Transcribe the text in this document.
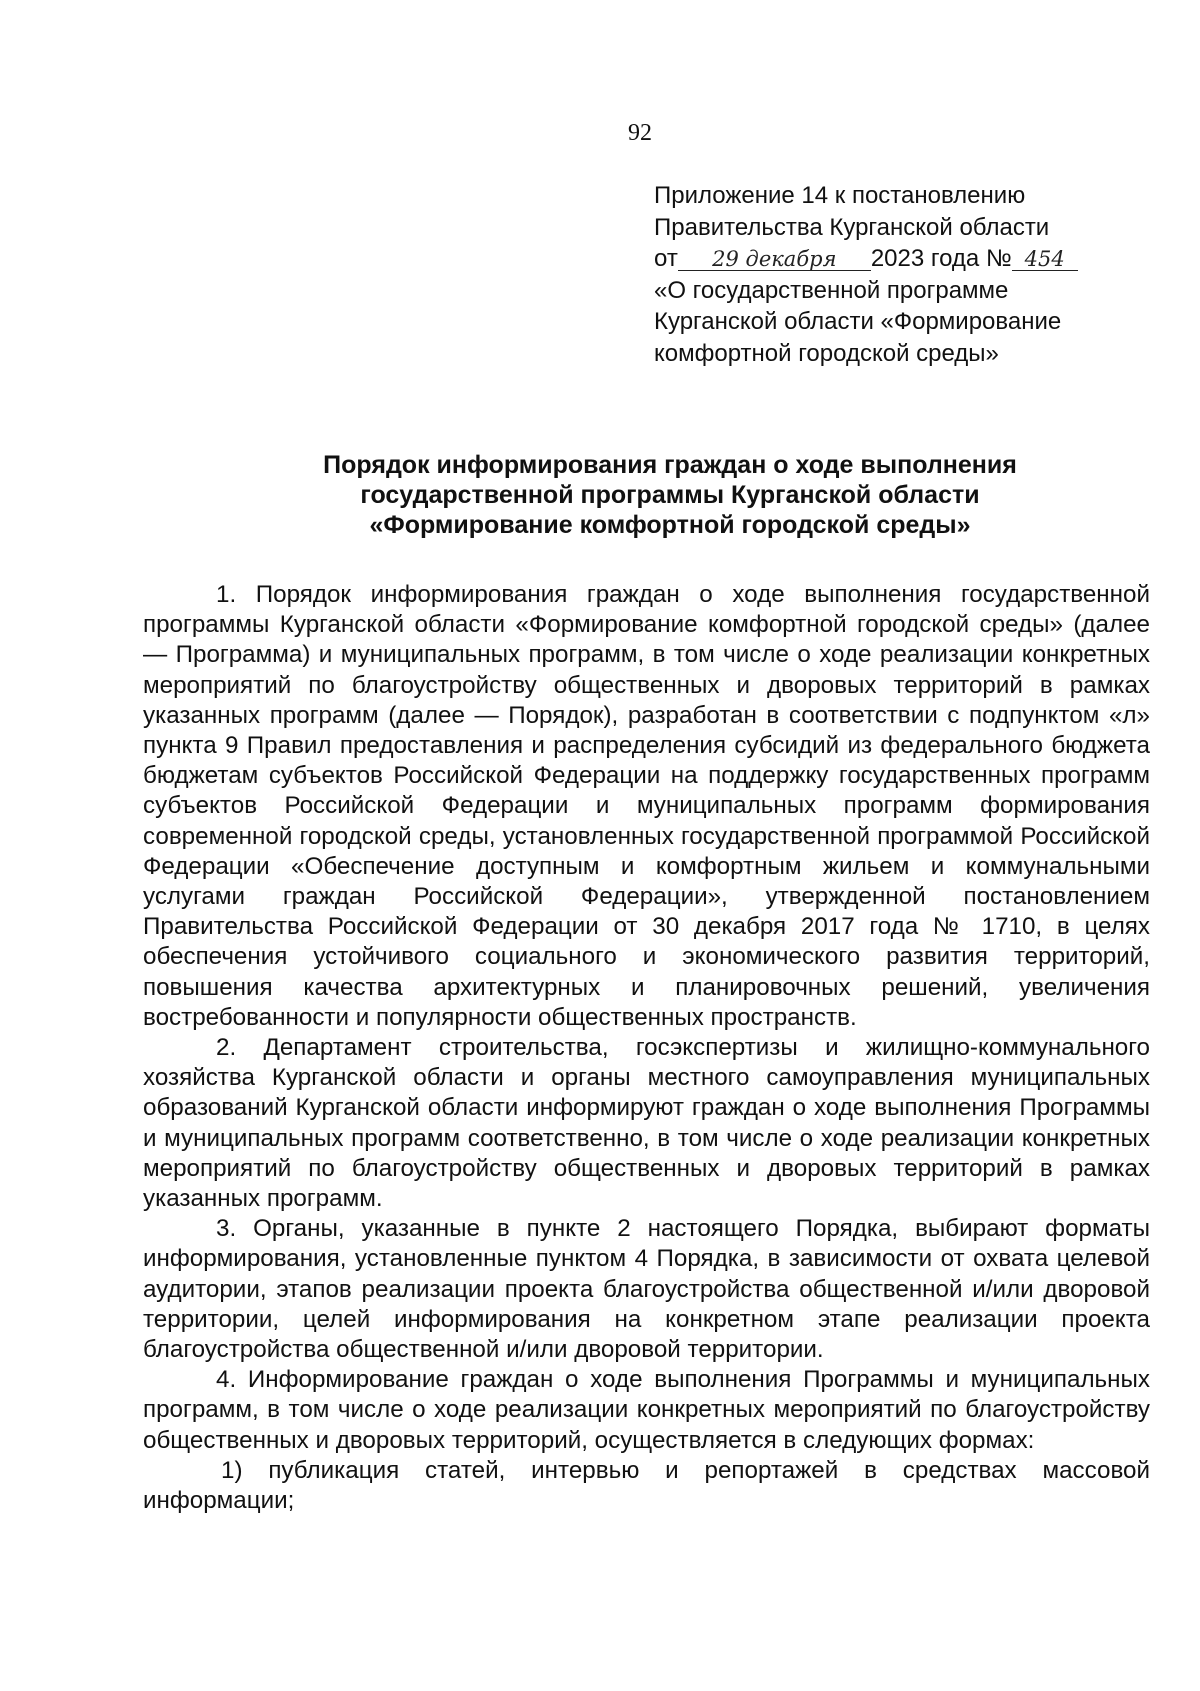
92
Приложение 14 к постановлению
Правительства Курганской области
от 29 декабря 2023 года № 454
«О государственной программе
Курганской области «Формирование
комфортной городской среды»
Порядок информирования граждан о ходе выполнения
государственной программы Курганской области
«Формирование комфортной городской среды»

1. Порядок информирования граждан о ходе выполнения государственной программы Курганской области «Формирование комфортной городской среды» (далее — Программа) и муниципальных программ, в том числе о ходе реализации конкретных мероприятий по благоустройству общественных и дворовых территорий в рамках указанных программ (далее — Порядок), разработан в соответствии с подпунктом «л» пункта 9 Правил предоставления и распределения субсидий из федерального бюджета бюджетам субъектов Российской Федерации на поддержку государственных программ субъектов Российской Федерации и муниципальных программ формирования современной городской среды, установленных государственной программой Российской Федерации «Обеспечение доступным и комфортным жильем и коммунальными услугами граждан Российской Федерации», утвержденной постановлением Правительства Российской Федерации от 30 декабря 2017 года № 1710, в целях обеспечения устойчивого социального и экономического развития территорий, повышения качества архитектурных и планировочных решений, увеличения востребованности и популярности общественных пространств.

2. Департамент строительства, госэкспертизы и жилищно-коммунального хозяйства Курганской области и органы местного самоуправления муниципальных образований Курганской области информируют граждан о ходе выполнения Программы и муниципальных программ соответственно, в том числе о ходе реализации конкретных мероприятий по благоустройству общественных и дворовых территорий в рамках указанных программ.

3. Органы, указанные в пункте 2 настоящего Порядка, выбирают форматы информирования, установленные пунктом 4 Порядка, в зависимости от охвата целевой аудитории, этапов реализации проекта благоустройства общественной и/или дворовой территории, целей информирования на конкретном этапе реализации проекта благоустройства общественной и/или дворовой территории.

4. Информирование граждан о ходе выполнения Программы и муниципальных программ, в том числе о ходе реализации конкретных мероприятий по благоустройству общественных и дворовых территорий, осуществляется в следующих формах:

1) публикация статей, интервью и репортажей в средствах массовой информации;
